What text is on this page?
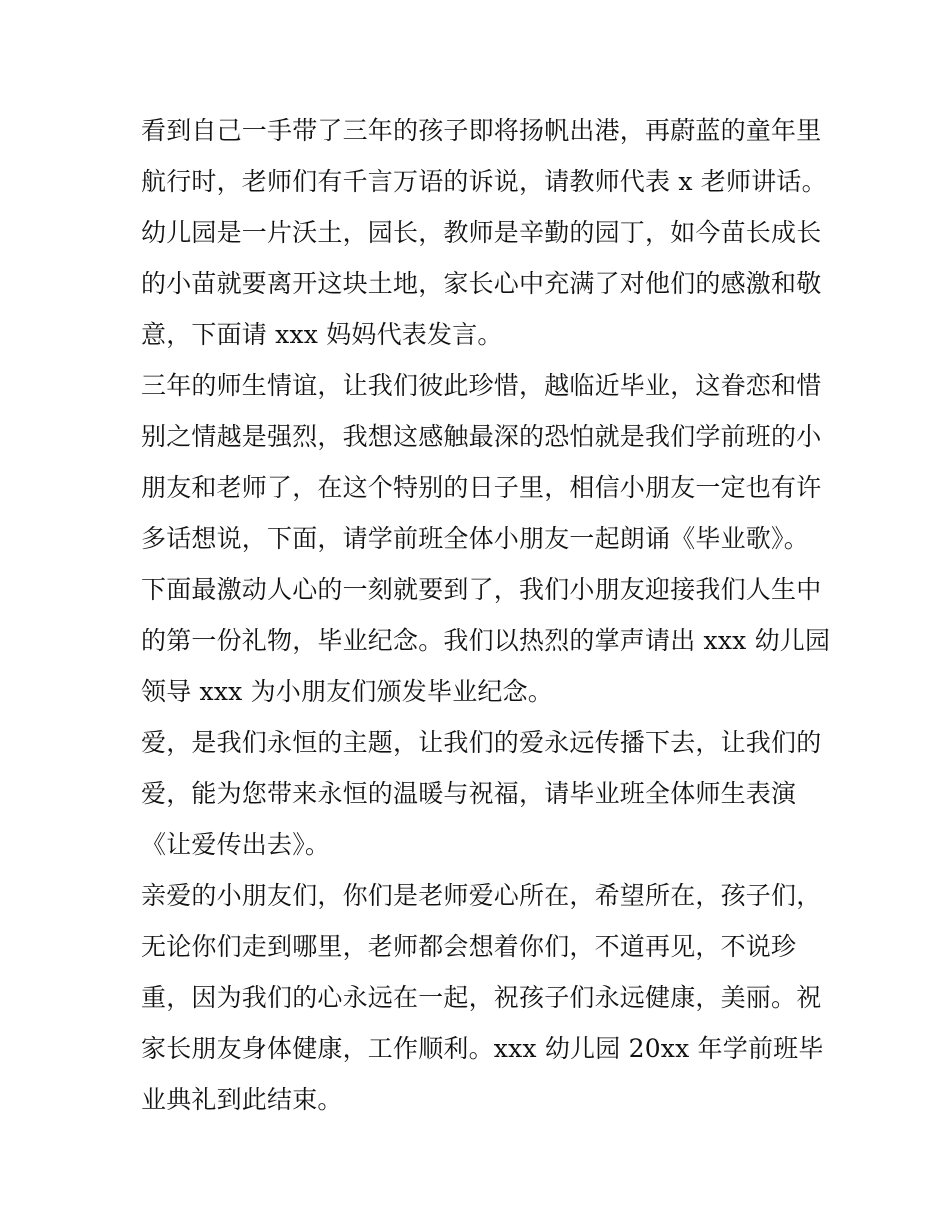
看到自己一手带了三年的孩子即将扬帆出港，再蔚蓝的童年里
航行时，老师们有千言万语的诉说，请教师代表 x 老师讲话。
幼儿园是一片沃土，园长，教师是辛勤的园丁，如今苗长成长
的小苗就要离开这块土地，家长心中充满了对他们的感激和敬
意，下面请 xxx 妈妈代表发言。
三年的师生情谊，让我们彼此珍惜，越临近毕业，这眷恋和惜
别之情越是强烈，我想这感触最深的恐怕就是我们学前班的小
朋友和老师了，在这个特别的日子里，相信小朋友一定也有许
多话想说，下面，请学前班全体小朋友一起朗诵《毕业歌》。
下面最激动人心的一刻就要到了，我们小朋友迎接我们人生中
的第一份礼物，毕业纪念。我们以热烈的掌声请出 xxx 幼儿园
领导 xxx 为小朋友们颁发毕业纪念。
爱，是我们永恒的主题，让我们的爱永远传播下去，让我们的
爱，能为您带来永恒的温暖与祝福，请毕业班全体师生表演
《让爱传出去》。
亲爱的小朋友们，你们是老师爱心所在，希望所在，孩子们，
无论你们走到哪里，老师都会想着你们，不道再见，不说珍
重，因为我们的心永远在一起，祝孩子们永远健康，美丽。祝
家长朋友身体健康，工作顺利。xxx 幼儿园 20xx 年学前班毕
业典礼到此结束。
